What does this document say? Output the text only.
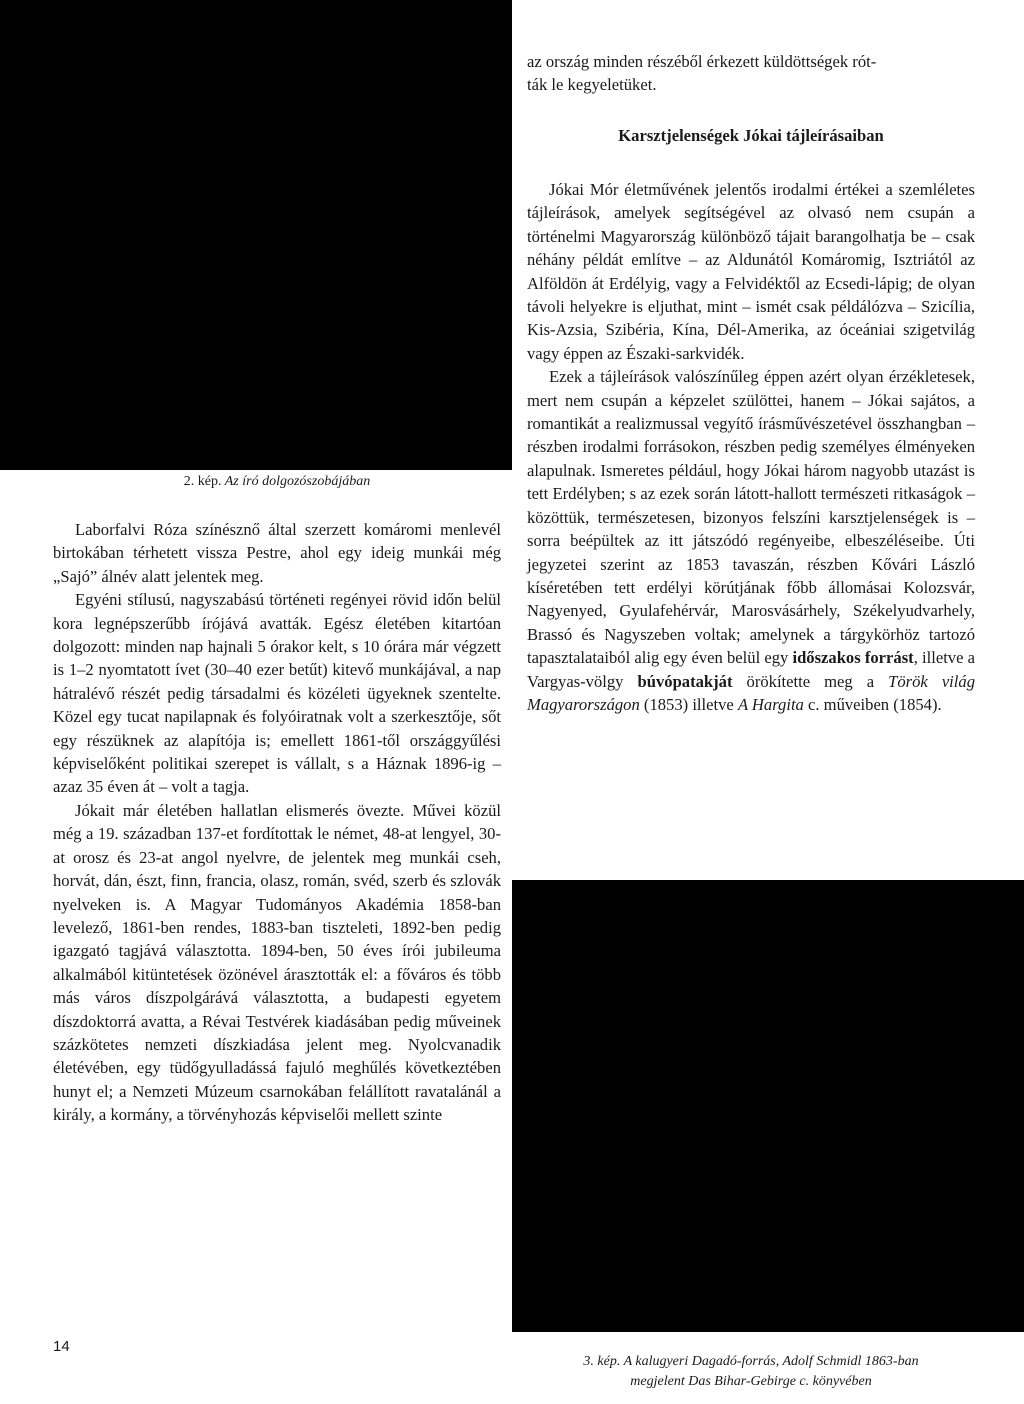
az ország minden részéből érkezett küldöttségek rót-

ták le kegyeletüket.

Karsztjelenségek Jókai tájleírásaiban
2. kép. Az író dolgozószobájában

Laborfalvi Róza színésznő által szerzett komáromi menlevél birtokában térhetett vissza Pestre, ahol egy ideig munkái még „Sajó” álnév alatt jelentek meg.

Egyéni stílusú, nagyszabású történeti regényei rövid időn belül kora legnépszerűbb írójává avatták. Egész életében kitartóan dolgozott: minden nap hajnali 5 órakor kelt, s 10 órára már végzett is 1–2 nyomtatott ívet (30–40 ezer betűt) kitevő munkájával, a nap hátralévő részét pedig társadalmi és közéleti ügyeknek szentelte. Közel egy tucat napilapnak és folyóiratnak volt a szerkesztője, sőt egy részüknek az alapítója is; emellett 1861-től országgyűlési képviselőként politikai szerepet is vállalt, s a Háznak 1896-ig – azaz 35 éven át – volt a tagja.

Jókait már életében hallatlan elismerés övezte. Művei közül még a 19. században 137-et fordítottak le német, 48-at lengyel, 30-at orosz és 23-at angol nyelvre, de jelentek meg munkái cseh, horvát, dán, észt, finn, francia, olasz, román, svéd, szerb és szlovák nyelveken is. A Magyar Tudományos Akadémia 1858-ban levelező, 1861-ben rendes, 1883-ban tiszteleti, 1892-ben pedig igazgató tagjává választotta. 1894-ben, 50 éves írói jubileuma alkalmából kitüntetések özönével árasztották el: a főváros és több más város díszpolgárává választotta, a budapesti egyetem díszdoktorrá avatta, a Révai Testvérek kiadásában pedig műveinek százkötetes nemzeti díszkiadása jelent meg. Nyolcvanadik életévében, egy tüdőgyulladássá fajuló meghűlés következtében hunyt el; a Nemzeti Múzeum csarnokában felállított ravatalánál a király, a kormány, a törvényhozás képviselői mellett szinte

Jókai Mór életművének jelentős irodalmi értékei a szemléletes tájleírások, amelyek segítségével az olvasó nem csupán a történelmi Magyarország különböző tájait barangolhatja be – csak néhány példát említve – az Aldunától Komáromig, Isztriától az Alföldön át Erdélyig, vagy a Felvidéktől az Ecsedi-lápig; de olyan távoli helyekre is eljuthat, mint – ismét csak példálózva – Szicília, Kis-Azsia, Szibéria, Kína, Dél-Amerika, az óceániai szigetvilág vagy éppen az Északi-sarkvidék.

Ezek a tájleírások valószínűleg éppen azért olyan érzékletesek, mert nem csupán a képzelet szülöttei, hanem – Jókai sajátos, a romantikát a realizmussal vegyítő írásművészetével összhangban – részben irodalmi forrásokon, részben pedig személyes élményeken alapulnak. Ismeretes például, hogy Jókai három nagyobb utazást is tett Erdélyben; s az ezek során látott-hallott természeti ritkaságok – közöttük, természetesen, bizonyos felszíni karsztjelenségek is – sorra beépültek az itt játszódó regényeibe, elbeszéléseibe. Úti jegyzetei szerint az 1853 tavaszán, részben Kővári László kíséretében tett erdélyi körútjának főbb állomásai Kolozsvár, Nagyenyed, Gyulafehérvár, Marosvásárhely, Székelyudvarhely, Brassó és Nagyszeben voltak; amelynek a tárgykörhöz tartozó tapasztalataiból alig egy éven belül egy időszakos forrást, illetve a Vargyas-völgy búvópatakját örökítette meg a Török világ Magyarországon (1853) illetve A Hargita c. műveiben (1854).

14
3. kép. A kalugyeri Dagadó-forrás, Adolf Schmidl 1863-ban
megjelent Das Bihar-Gebirge c. könyvében
